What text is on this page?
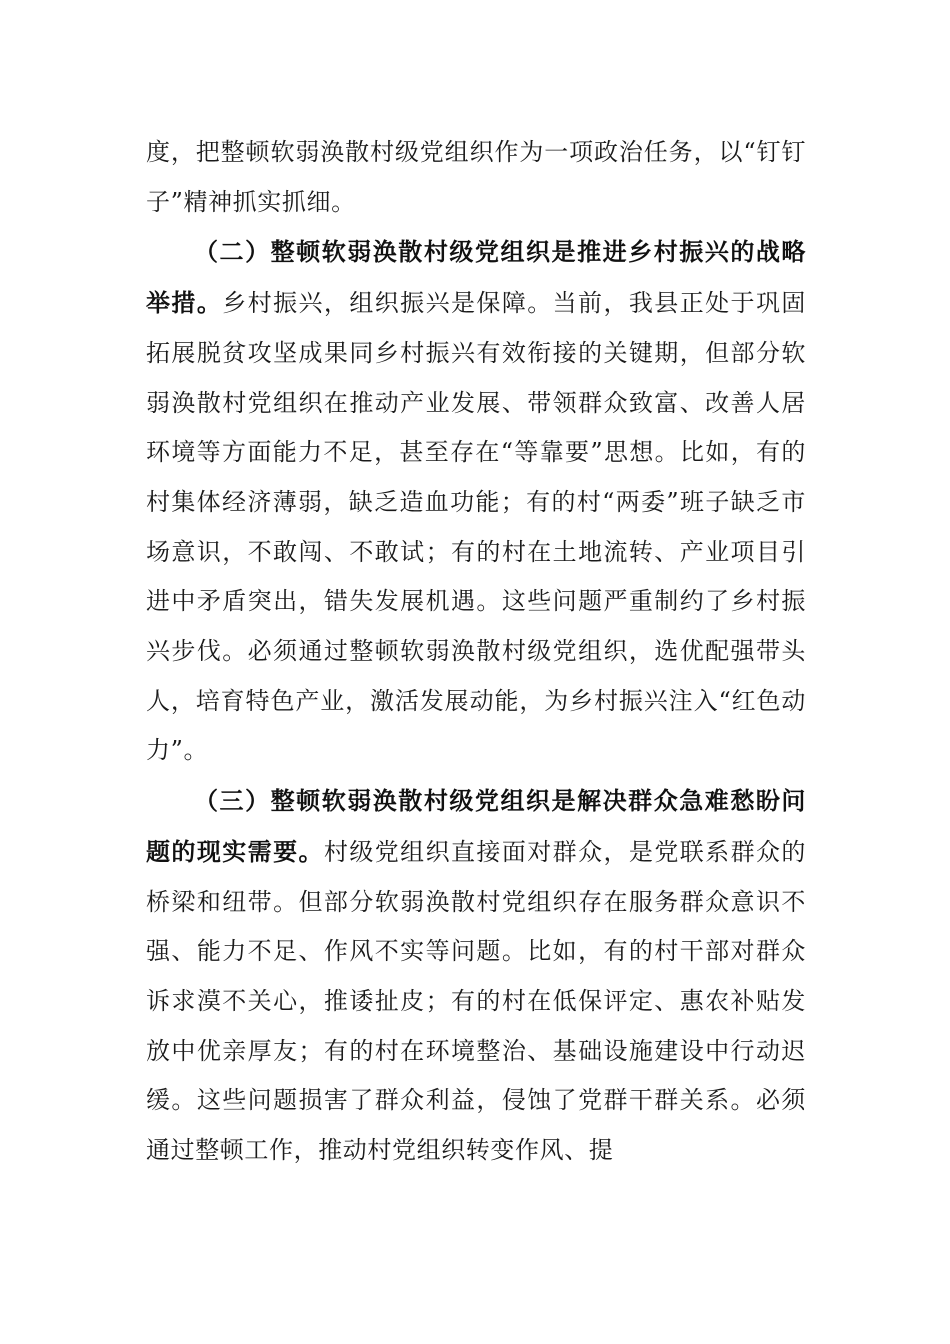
度，把整顿软弱涣散村级党组织作为一项政治任务，以“钉钉子”精神抓实抓细。

（二）整顿软弱涣散村级党组织是推进乡村振兴的战略举措。乡村振兴，组织振兴是保障。当前，我县正处于巩固拓展脱贫攻坚成果同乡村振兴有效衔接的关键期，但部分软弱涣散村党组织在推动产业发展、带领群众致富、改善人居环境等方面能力不足，甚至存在“等靠要”思想。比如，有的村集体经济薄弱，缺乏造血功能；有的村“两委”班子缺乏市场意识，不敢闯、不敢试；有的村在土地流转、产业项目引进中矛盾突出，错失发展机遇。这些问题严重制约了乡村振兴步伐。必须通过整顿软弱涣散村级党组织，选优配强带头人，培育特色产业，激活发展动能，为乡村振兴注入“红色动力”。

（三）整顿软弱涣散村级党组织是解决群众急难愁盼问题的现实需要。村级党组织直接面对群众，是党联系群众的桥梁和纽带。但部分软弱涣散村党组织存在服务群众意识不强、能力不足、作风不实等问题。比如，有的村干部对群众诉求漠不关心，推诿扯皮；有的村在低保评定、惠农补贴发放中优亲厚友；有的村在环境整治、基础设施建设中行动迟缓。这些问题损害了群众利益，侵蚀了党群干群关系。必须通过整顿工作，推动村党组织转变作风、提
